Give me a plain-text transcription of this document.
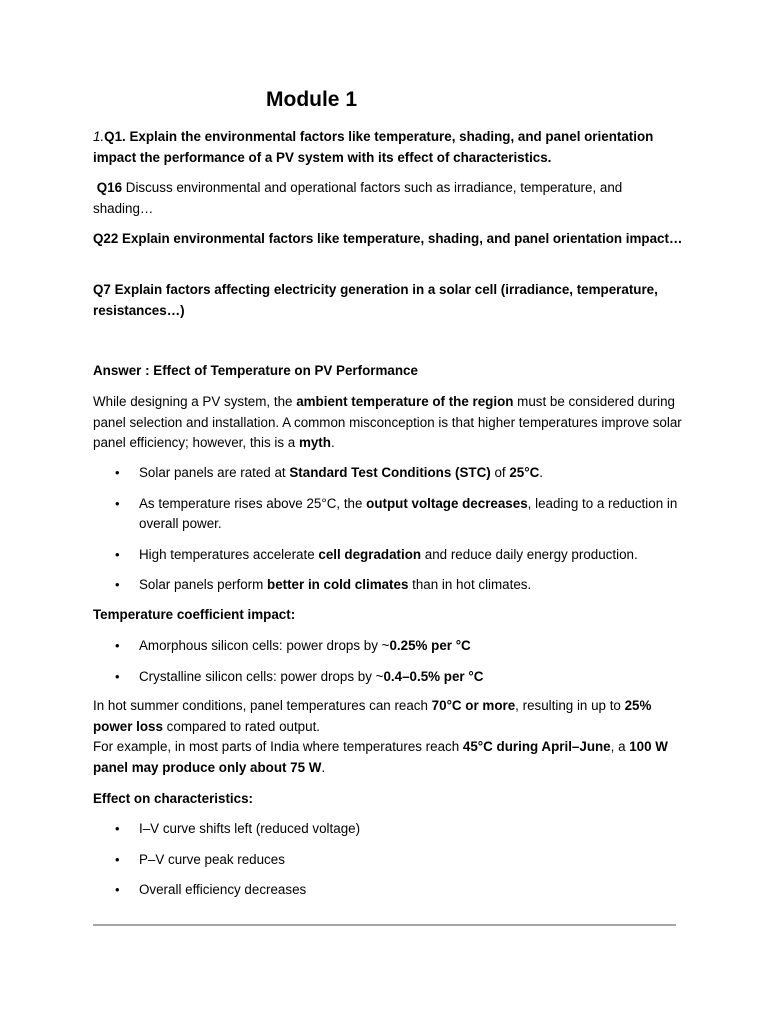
Module 1

1.Q1. Explain the environmental factors like temperature, shading, and panel orientation impact the performance of a PV system with its effect of characteristics.

Q16 Discuss environmental and operational factors such as irradiance, temperature, and shading…

Q22 Explain environmental factors like temperature, shading, and panel orientation impact…

Q7 Explain factors affecting electricity generation in a solar cell (irradiance, temperature, resistances…)

Answer : Effect of Temperature on PV Performance

While designing a PV system, the ambient temperature of the region must be considered during panel selection and installation. A common misconception is that higher temperatures improve solar panel efficiency; however, this is a myth.

• Solar panels are rated at Standard Test Conditions (STC) of 25°C.
• As temperature rises above 25°C, the output voltage decreases, leading to a reduction in overall power.
• High temperatures accelerate cell degradation and reduce daily energy production.
• Solar panels perform better in cold climates than in hot climates.

Temperature coefficient impact:

• Amorphous silicon cells: power drops by ~0.25% per °C
• Crystalline silicon cells: power drops by ~0.4–0.5% per °C

In hot summer conditions, panel temperatures can reach 70°C or more, resulting in up to 25% power loss compared to rated output.
For example, in most parts of India where temperatures reach 45°C during April–June, a 100 W panel may produce only about 75 W.

Effect on characteristics:

• I–V curve shifts left (reduced voltage)
• P–V curve peak reduces
• Overall efficiency decreases
